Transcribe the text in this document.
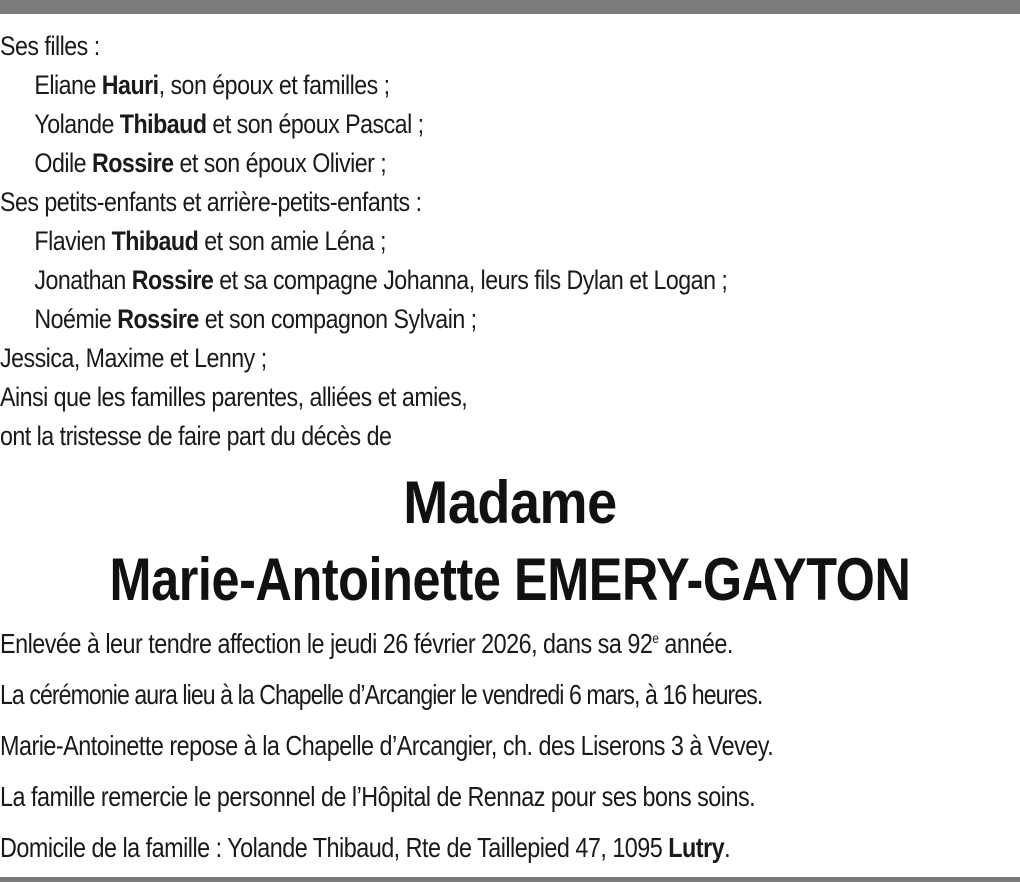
Ses filles :
Eliane Hauri, son époux et familles ;
Yolande Thibaud et son époux Pascal ;
Odile Rossire et son époux Olivier ;
Ses petits-enfants et arrière-petits-enfants :
Flavien Thibaud et son amie Léna ;
Jonathan Rossire et sa compagne Johanna, leurs fils Dylan et Logan ;
Noémie Rossire et son compagnon Sylvain ;
Jessica, Maxime et Lenny ;
Ainsi que les familles parentes, alliées et amies,
ont la tristesse de faire part du décès de
Madame
Marie-Antoinette EMERY-GAYTON
Enlevée à leur tendre affection le jeudi 26 février 2026, dans sa 92e année.
La cérémonie aura lieu à la Chapelle d’Arcangier le vendredi 6 mars, à 16 heures.
Marie-Antoinette repose à la Chapelle d’Arcangier, ch. des Liserons 3 à Vevey.
La famille remercie le personnel de l’Hôpital de Rennaz pour ses bons soins.
Domicile de la famille : Yolande Thibaud, Rte de Taillepied 47, 1095 Lutry.
